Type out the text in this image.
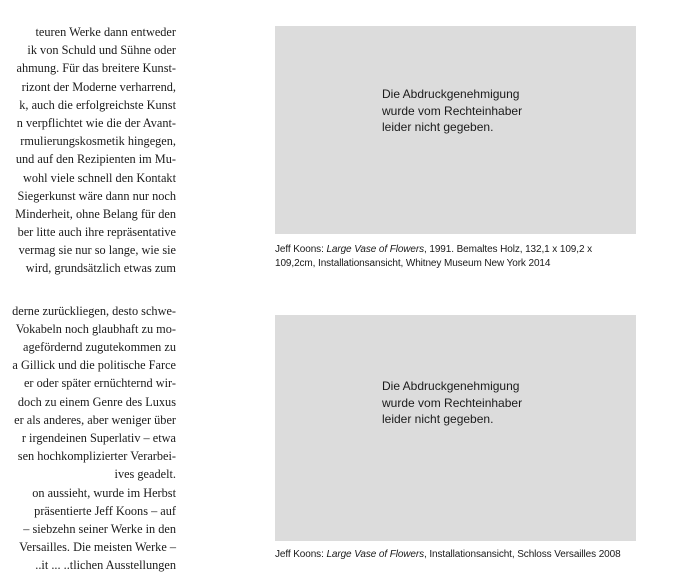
teuren Werke dann entweder
ik von Schuld und Sühne oder
ahmung. Für das breitere Kunst-
rizont der Moderne verharrend,
k, auch die erfolgreichste Kunst
n verpflichtet wie die der Avant-
rmulierungskosmetik hingegen,
und auf den Rezipienten im Mu-
wohl viele schnell den Kontakt
Siegerkunst wäre dann nur noch
Minderheit, ohne Belang für den
ber litte auch ihre repräsentative
vermag sie nur so lange, wie sie
wird, grundsätzlich etwas zum
derne zurückliegen, desto schwe-
Vokabeln noch glaubhaft zu mo-
agefördernd zugutekommen zu
a Gillick und die politische Farce
er oder später ernüchternd wir-
doch zu einem Genre des Luxus
er als anderes, aber weniger über
r irgendeinen Superlativ – etwa
sen hochkomplizierter Verarbei-
ives geadelt.
on aussieht, wurde im Herbst
präsentierte Jeff Koons – auf
– siebzehn seiner Werke in den
Versailles. Die meisten Werke –
..it ... ..tlichen Ausstellungen
Die Abdruckgenehmigung
wurde vom Rechteinhaber
leider nicht gegeben.
Jeff Koons: Large Vase of Flowers, 1991. Bemaltes Holz, 132,1 x 109,2 x
109,2cm, Installationsansicht, Whitney Museum New York 2014
Die Abdruckgenehmigung
wurde vom Rechteinhaber
leider nicht gegeben.
Jeff Koons: Large Vase of Flowers, Installationsansicht, Schloss Versailles 2008
